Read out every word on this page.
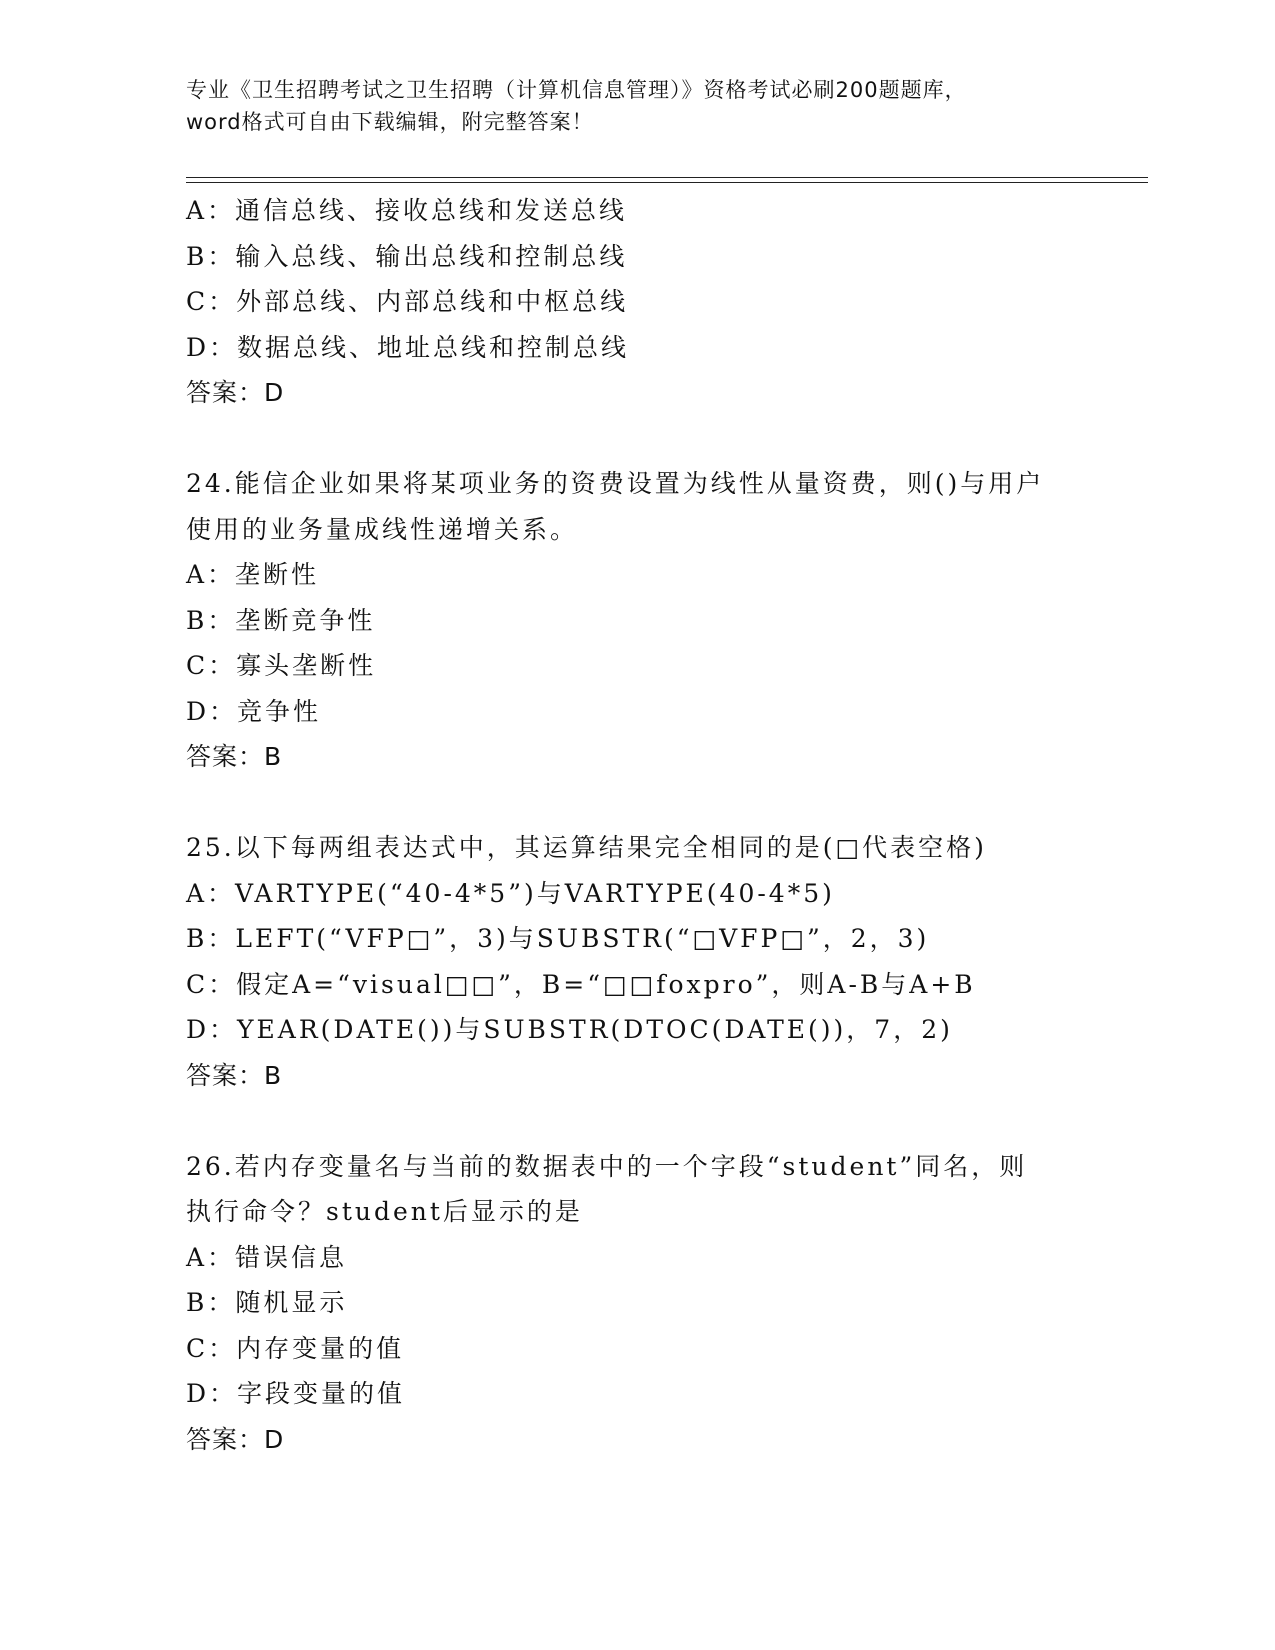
专业《卫生招聘考试之卫生招聘（计算机信息管理）》资格考试必刷200题题库，
word格式可自由下载编辑，附完整答案！
A：通信总线、接收总线和发送总线
B：输入总线、输出总线和控制总线
C：外部总线、内部总线和中枢总线
D：数据总线、地址总线和控制总线
答案：D
24.能信企业如果将某项业务的资费设置为线性从量资费，则()与用户
使用的业务量成线性递增关系。
A：垄断性
B：垄断竞争性
C：寡头垄断性
D：竞争性
答案：B
25.以下每两组表达式中，其运算结果完全相同的是(□代表空格)
A：VARTYPE(“40-4*5”)与VARTYPE(40-4*5)
B：LEFT(“VFP□”，3)与SUBSTR(“□VFP□”，2，3)
C：假定A=“visual□□”，B=“□□foxpro”，则A-B与A+B
D：YEAR(DATE())与SUBSTR(DTOC(DATE())，7，2)
答案：B
26.若内存变量名与当前的数据表中的一个字段“student”同名，则
执行命令？student后显示的是
A：错误信息
B：随机显示
C：内存变量的值
D：字段变量的值
答案：D
